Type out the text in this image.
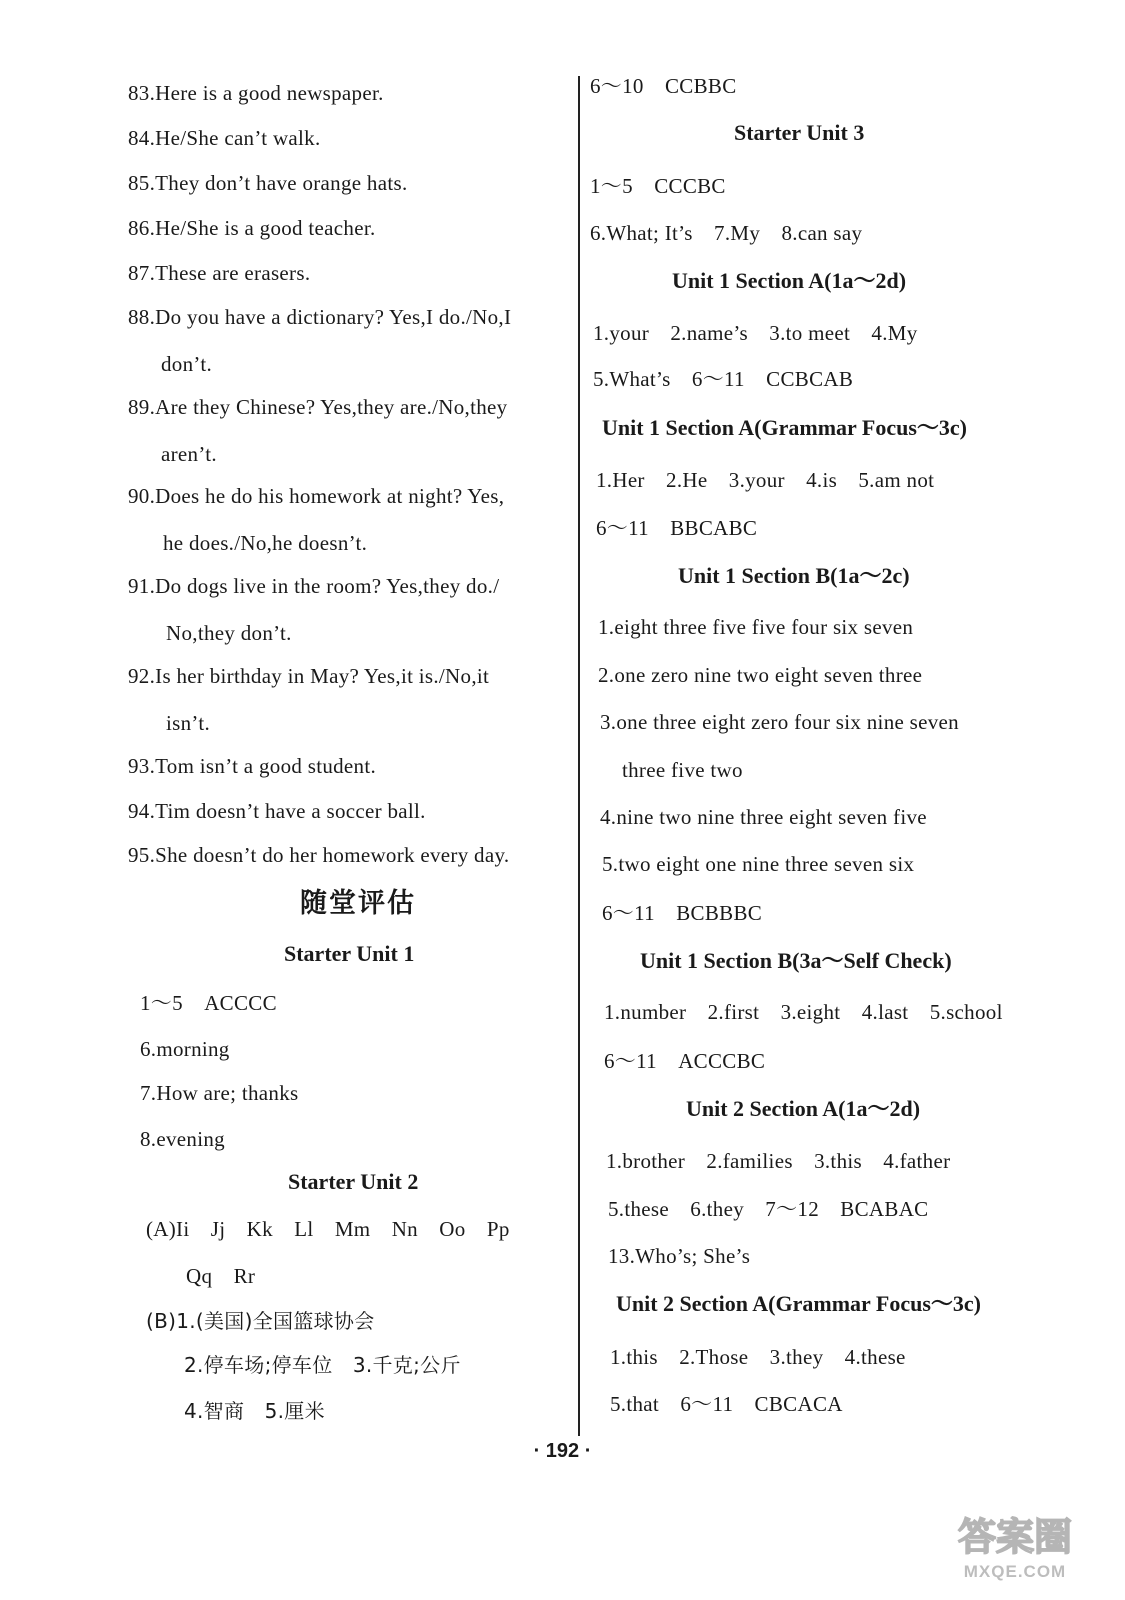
83.Here is a good newspaper.
84.He/She can’t walk.
85.They don’t have orange hats.
86.He/She is a good teacher.
87.These are erasers.
88.Do you have a dictionary? Yes,I do./No,I
don’t.
89.Are they Chinese? Yes,they are./No,they
aren’t.
90.Does he do his homework at night? Yes,
he does./No,he doesn’t.
91.Do dogs live in the room? Yes,they do./
No,they don’t.
92.Is her birthday in May? Yes,it is./No,it
isn’t.
93.Tom isn’t a good student.
94.Tim doesn’t have a soccer ball.
95.She doesn’t do her homework every day.
随堂评估
Starter Unit 1
1～5　ACCCC
6.morning
7.How are; thanks
8.evening
Starter Unit 2
(A)Ii　Jj　Kk　Ll　Mm　Nn　Oo　Pp
Qq　Rr
(B)1.(美国)全国篮球协会
2.停车场;停车位　3.千克;公斤
4.智商　5.厘米
6～10　CCBBC
Starter Unit 3
1～5　CCCBC
6.What; It’s　7.My　8.can say
Unit 1 Section A(1a～2d)
1.your　2.name’s　3.to meet　4.My
5.What’s　6～11　CCBCAB
Unit 1 Section A(Grammar Focus～3c)
1.Her　2.He　3.your　4.is　5.am not
6～11　BBCABC
Unit 1 Section B(1a～2c)
1.eight three five five four six seven
2.one zero nine two eight seven three
3.one three eight zero four six nine seven
three five two
4.nine two nine three eight seven five
5.two eight one nine three seven six
6～11　BCBBBC
Unit 1 Section B(3a～Self Check)
1.number　2.first　3.eight　4.last　5.school
6～11　ACCCBC
Unit 2 Section A(1a～2d)
1.brother　2.families　3.this　4.father
5.these　6.they　7～12　BCABAC
13.Who’s; She’s
Unit 2 Section A(Grammar Focus～3c)
1.this　2.Those　3.they　4.these
5.that　6～11　CBCACA
· 192 ·
答案圈
MXQE.COM
